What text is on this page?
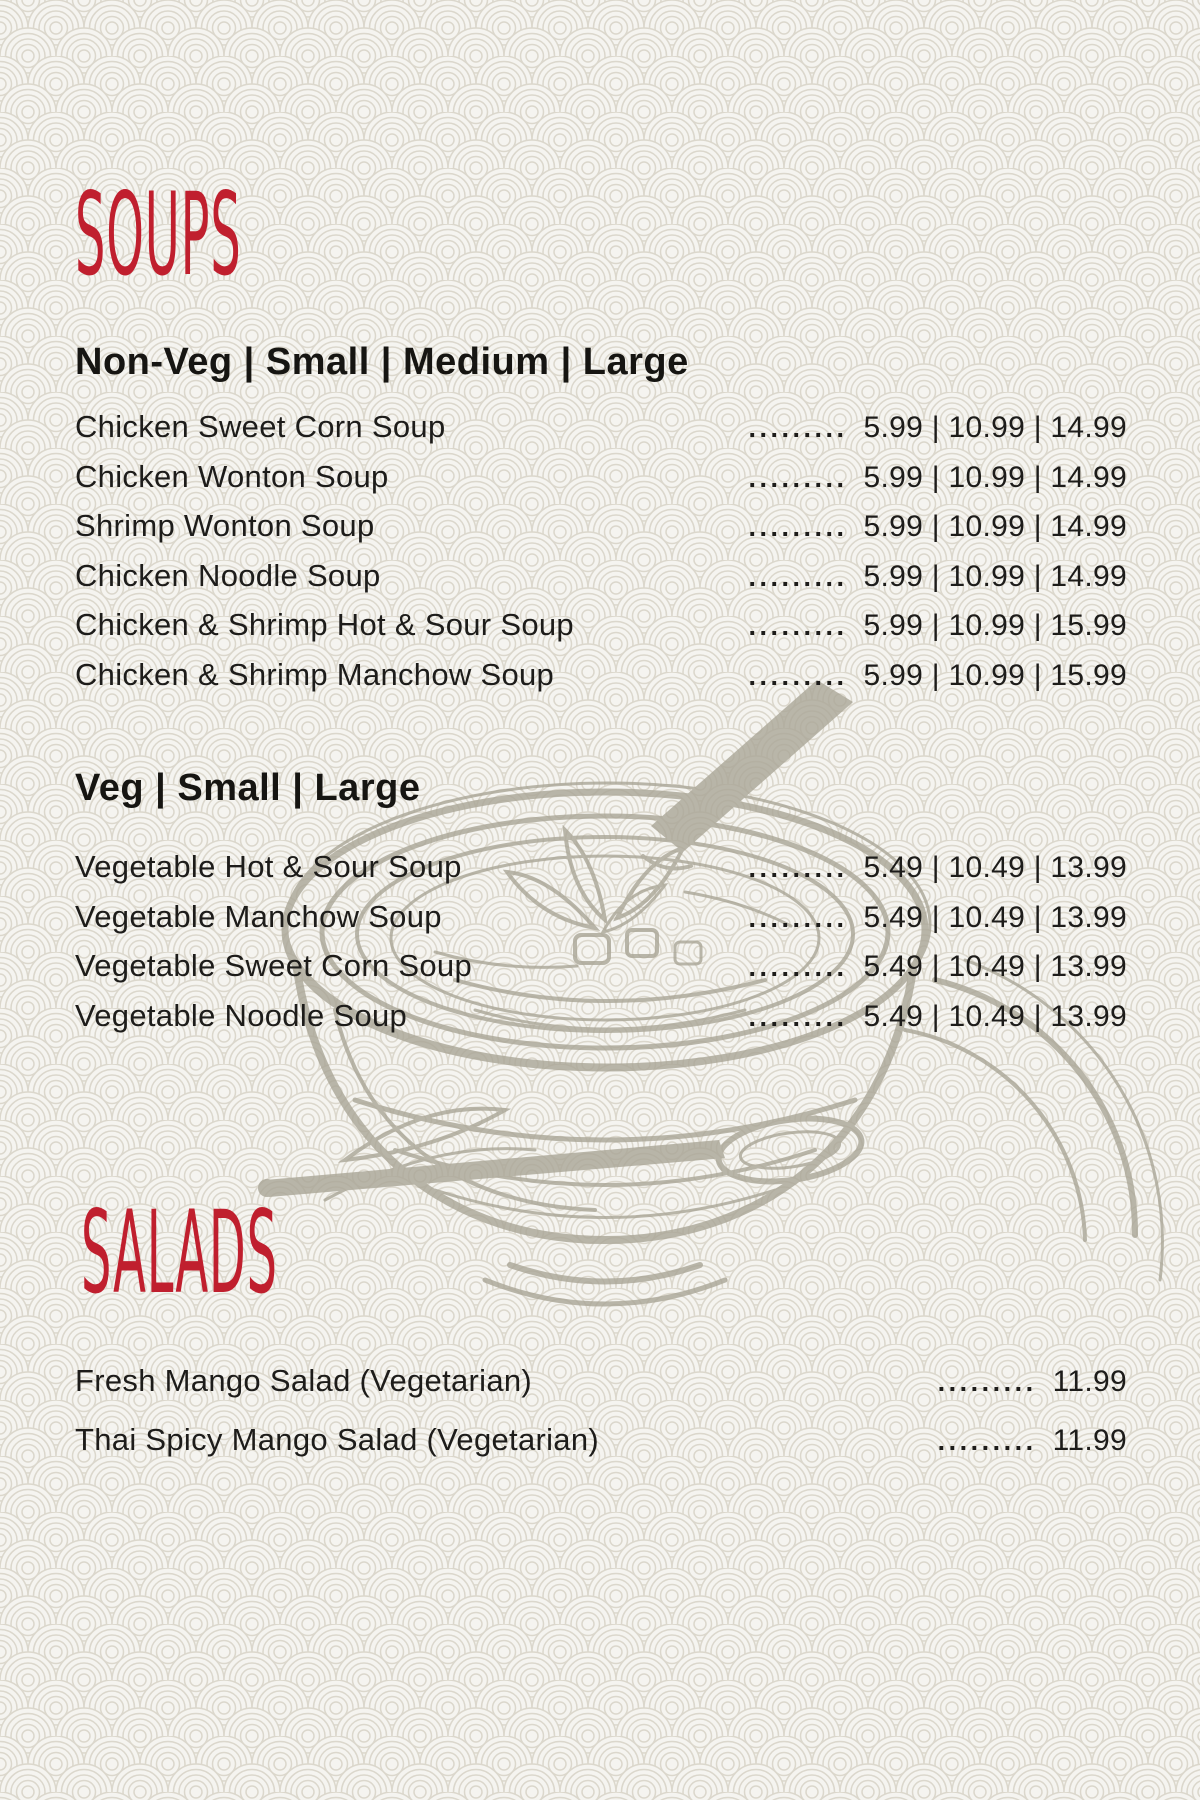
SOUPS
Non-Veg | Small | Medium | Large
Chicken Sweet Corn Soup	......... 5.99 | 10.99 | 14.99
Chicken Wonton Soup	......... 5.99 | 10.99 | 14.99
Shrimp Wonton Soup	......... 5.99 | 10.99 | 14.99
Chicken Noodle Soup	......... 5.99 | 10.99 | 14.99
Chicken & Shrimp Hot & Sour Soup	......... 5.99 | 10.99 | 15.99
Chicken & Shrimp Manchow Soup	......... 5.99 | 10.99 | 15.99
Veg | Small | Large
Vegetable Hot & Sour Soup	......... 5.49 | 10.49 | 13.99
Vegetable Manchow Soup	......... 5.49 | 10.49 | 13.99
Vegetable Sweet Corn Soup	......... 5.49 | 10.49 | 13.99
Vegetable Noodle Soup	......... 5.49 | 10.49 | 13.99
SALADS
Fresh Mango Salad (Vegetarian)	......... 11.99
Thai Spicy Mango Salad (Vegetarian)	......... 11.99
